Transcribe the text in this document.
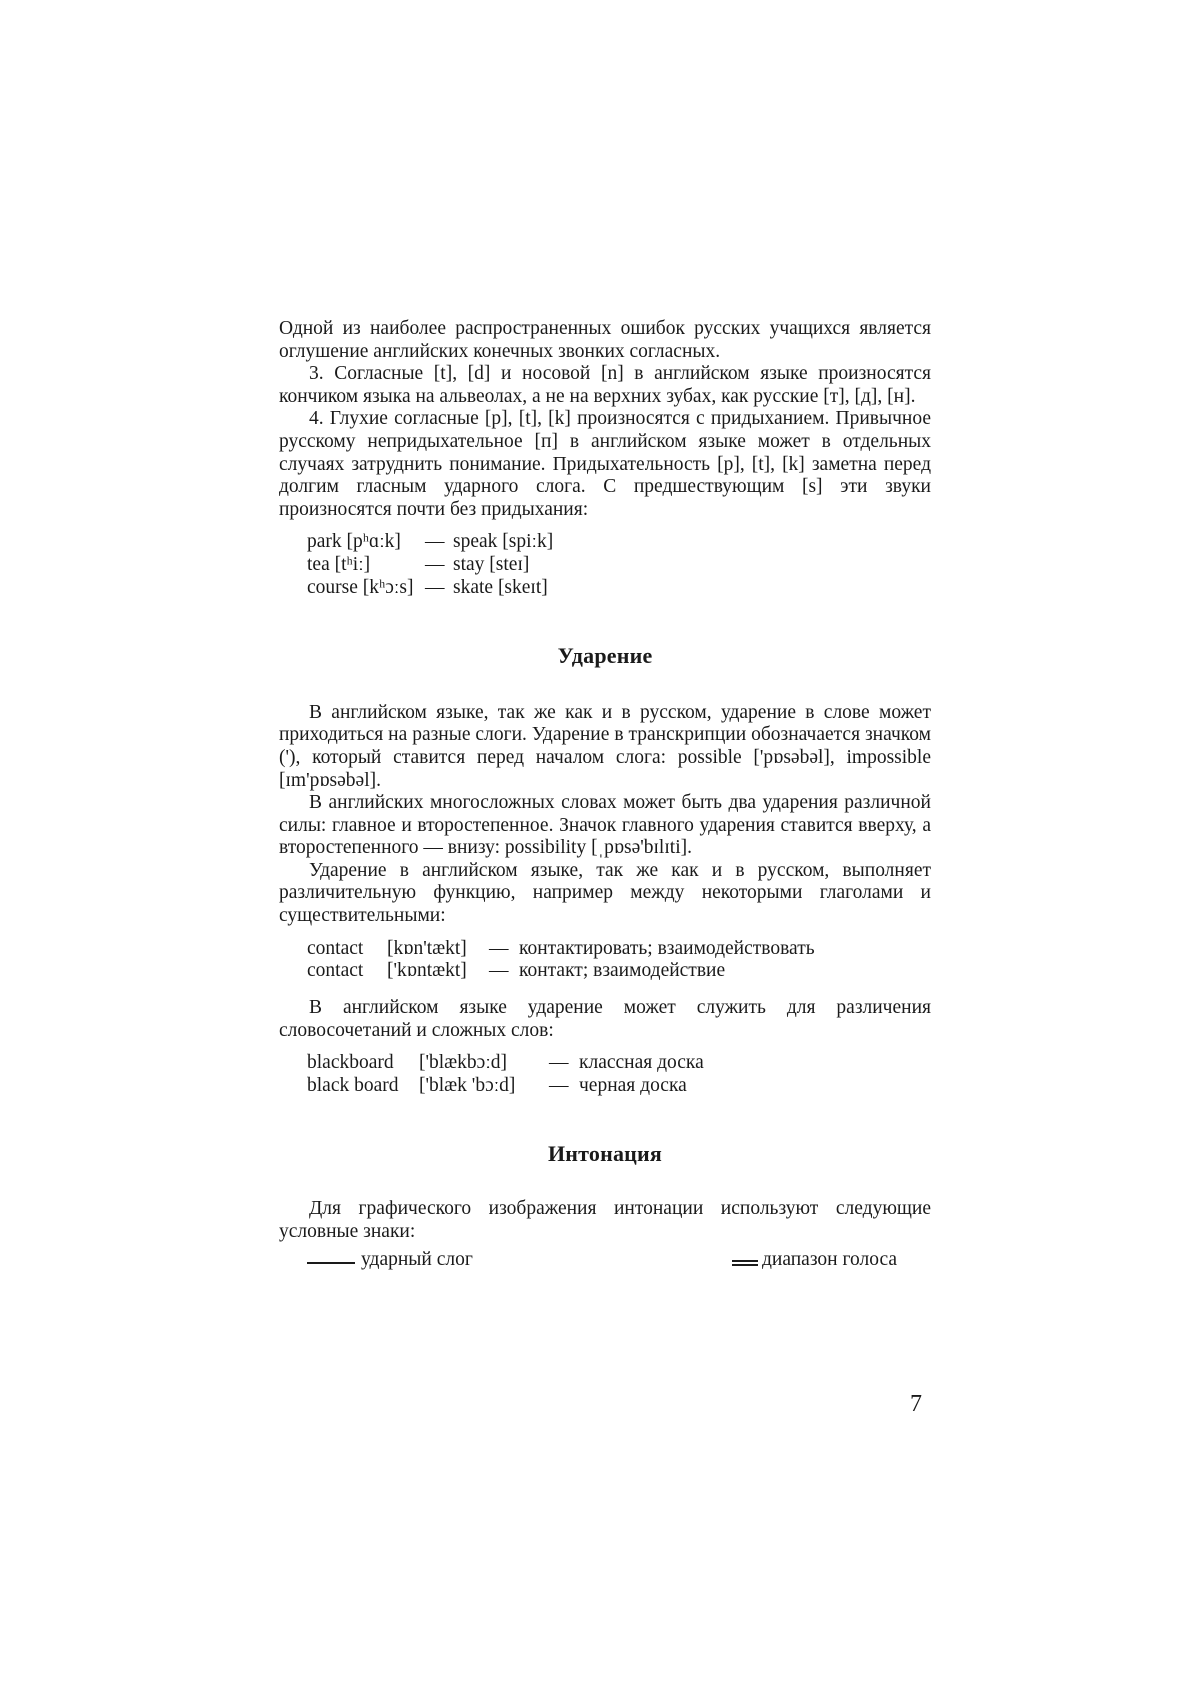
Одной из наиболее распространенных ошибок русских учащихся является оглушение английских конечных звонких согласных.

3. Согласные [t], [d] и носовой [n] в английском языке произносятся кончиком языка на альвеолах, а не на верхних зубах, как русские [т], [д], [н].

4. Глухие согласные [p], [t], [k] произносятся с придыханием. Привычное русскому непридыхательное [п] в английском языке может в отдельных случаях затруднить понимание. Придыхательность [p], [t], [k] заметна перед долгим гласным ударного слога. С предшествующим [s] эти звуки произносятся почти без придыхания:

park [pʰɑːk]	— speak [spiːk]
tea [tʰiː]	— stay [steɪ]
course [kʰɔːs] — skate [skeɪt]
Ударение

В английском языке, так же как и в русском, ударение в слове может приходиться на разные слоги. Ударение в транскрипции обозначается значком ('), который ставится перед началом слога: possible ['pɒsəbəl], impossible [ɪm'pɒsəbəl].

В английских многосложных словах может быть два ударения различной силы: главное и второстепенное. Значок главного ударения ставится вверху, а второстепенного — внизу: possibility [ˌpɒsə'bɪlɪti].

Ударение в английском языке, так же как и в русском, выполняет различительную функцию, например между некоторыми глаголами и существительными:

contact	[kɒn'tækt]	— контактировать; взаимодействовать
contact	['kɒntækt]	— контакт; взаимодействие

В английском языке ударение может служить для различения словосочетаний и сложных слов:

blackboard	['blækbɔːd]	— классная доска
black board	['blæk 'bɔːd]	— черная доска
Интонация

Для графического изображения интонации используют следующие условные знаки:

ударный слог	диапазон голоса
7
